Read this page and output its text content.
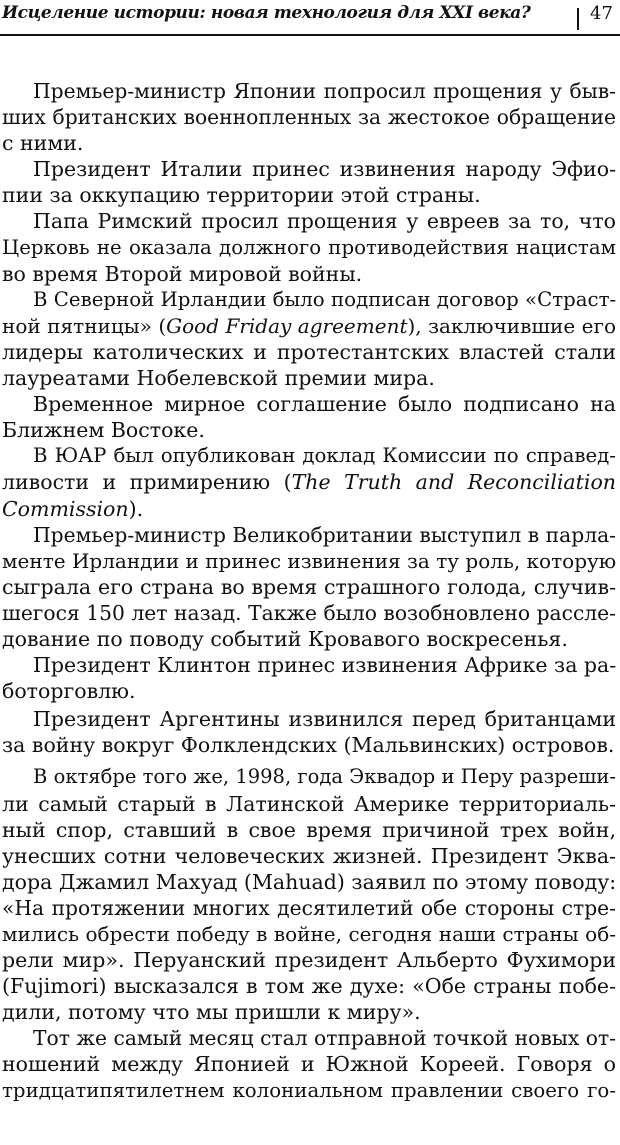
Исцеление истории: новая технология для XXI века?	47
Премьер-министр Японии попросил прощения у быв-
ших британских военнопленных за жестокое обращение
с ними.
Президент Италии принес извинения народу Эфио-
пии за оккупацию территории этой страны.
Папа Римский просил прощения у евреев за то, что
Церковь не оказала должного противодействия нацистам
во время Второй мировой войны.
В Северной Ирландии было подписан договор «Страст-
ной пятницы» (Good Friday agreement), заключившие его
лидеры католических и протестантских властей стали
лауреатами Нобелевской премии мира.
Временное мирное соглашение было подписано на
Ближнем Востоке.
В ЮАР был опубликован доклад Комиссии по справед-
ливости и примирению (The Truth and Reconciliation
Commission).
Премьер-министр Великобритании выступил в парла-
менте Ирландии и принес извинения за ту роль, которую
сыграла его страна во время страшного голода, случив-
шегося 150 лет назад. Также было возобновлено рассле-
дование по поводу событий Кровавого воскресенья.
Президент Клинтон принес извинения Африке за ра-
боторговлю.
Президент Аргентины извинился перед британцами
за войну вокруг Фолклендских (Мальвинских) островов.
В октябре того же, 1998, года Эквадор и Перу разреши-
ли самый старый в Латинской Америке территориаль-
ный спор, ставший в свое время причиной трех войн,
унесших сотни человеческих жизней. Президент Эква-
дора Джамил Махуад (Mahuad) заявил по этому поводу:
«На протяжении многих десятилетий обе стороны стре-
мились обрести победу в войне, сегодня наши страны об-
рели мир». Перуанский президент Альберто Фухимори
(Fujimori) высказался в том же духе: «Обе страны побе-
дили, потому что мы пришли к миру».
Тот же самый месяц стал отправной точкой новых от-
ношений между Японией и Южной Кореей. Говоря о
тридцатипятилетнем колониальном правлении своего го-
